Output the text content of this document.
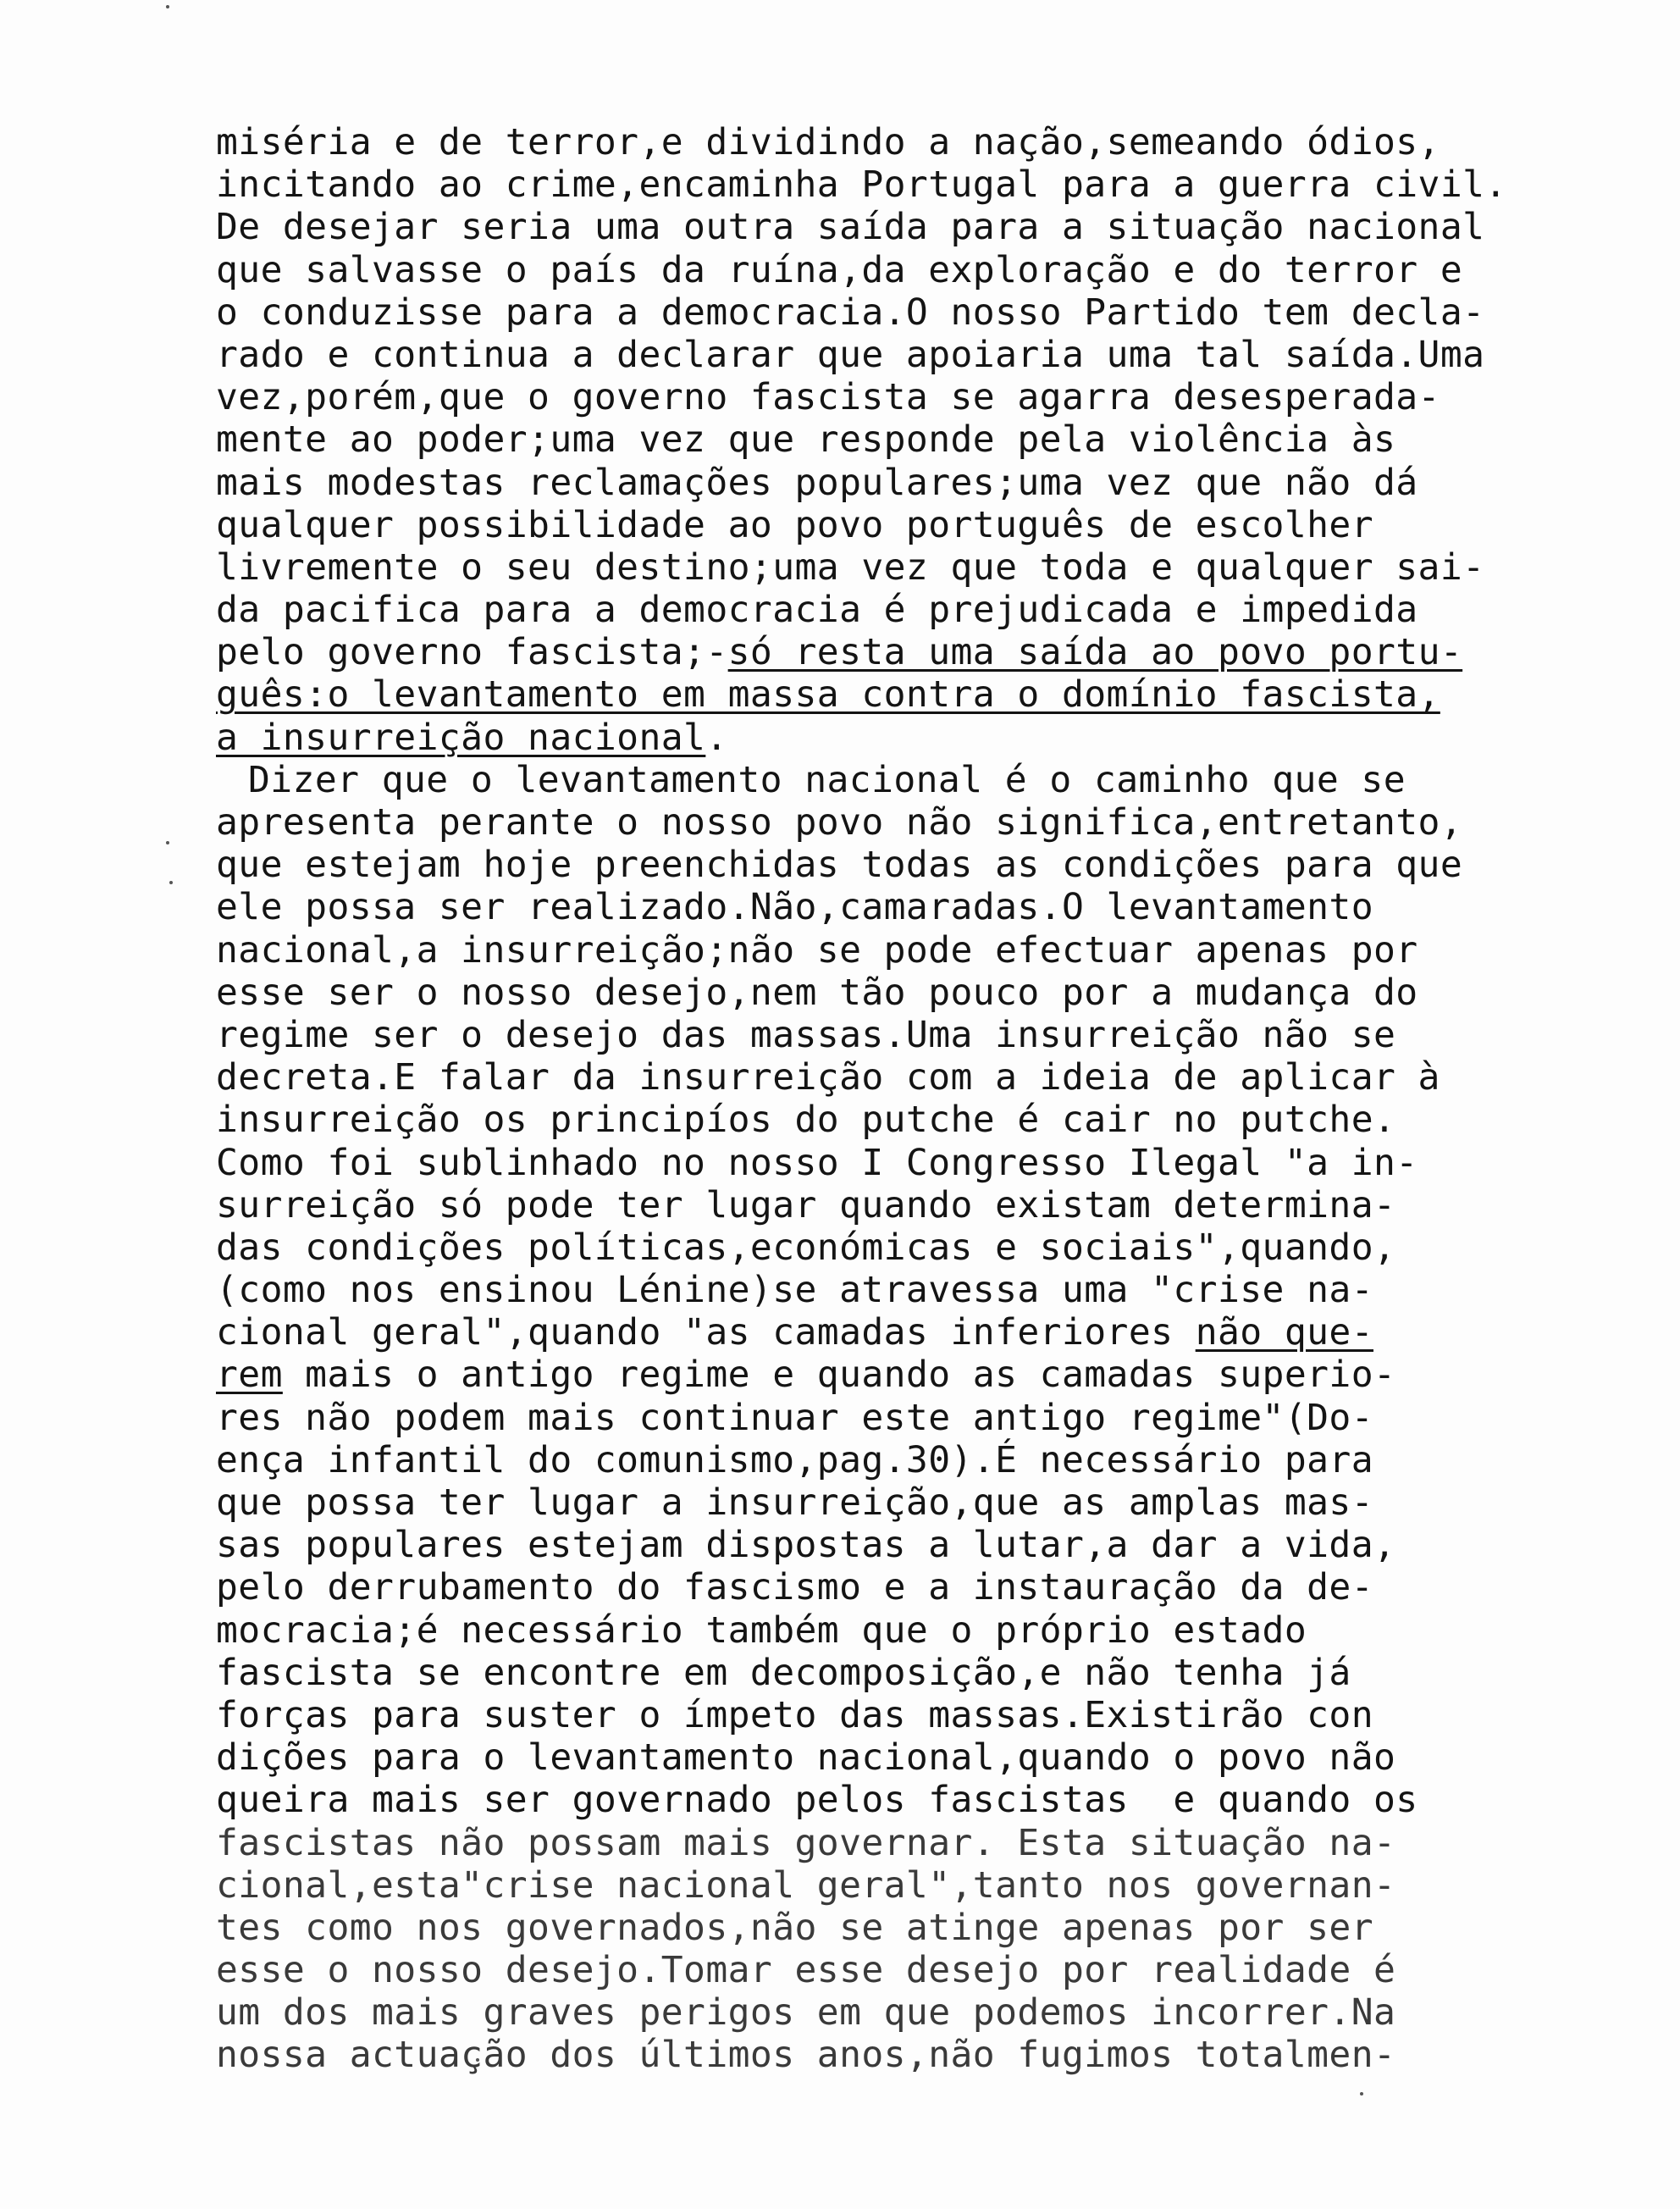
miséria e de terror,e dividindo a nação,semeando ódios,
incitando ao crime,encaminha Portugal para a guerra civil.
De desejar seria uma outra saída para a situação nacional
que salvasse o país da ruína,da exploração e do terror e
o conduzisse para a democracia.O nosso Partido tem decla-
rado e continua a declarar que apoiaria uma tal saída.Uma
vez,porém,que o governo fascista se agarra desesperada-
mente ao poder;uma vez que responde pela violência às
mais modestas reclamações populares;uma vez que não dá
qualquer possibilidade ao povo português de escolher
livremente o seu destino;uma vez que toda e qualquer sai-
da pacifica para a democracia é prejudicada e impedida
pelo governo fascista;-só resta uma saída ao povo portu-
guês:o levantamento em massa contra o domínio fascista,
a insurreição nacional.
Dizer que o levantamento nacional é o caminho que se
apresenta perante o nosso povo não significa,entretanto,
que estejam hoje preenchidas todas as condições para que
ele possa ser realizado.Não,camaradas.O levantamento
nacional,a insurreição;não se pode efectuar apenas por
esse ser o nosso desejo,nem tão pouco por a mudança do
regime ser o desejo das massas.Uma insurreição não se
decreta.E falar da insurreição com a ideia de aplicar à
insurreição os principíos do putche é cair no putche.
Como foi sublinhado no nosso I Congresso Ilegal "a in-
surreição só pode ter lugar quando existam determina-
das condições políticas,económicas e sociais",quando,
(como nos ensinou Lénine)se atravessa uma "crise na-
cional geral",quando "as camadas inferiores não que-
rem mais o antigo regime e quando as camadas superio-
res não podem mais continuar este antigo regime"(Do-
ença infantil do comunismo,pag.30).É necessário para
que possa ter lugar a insurreição,que as amplas mas-
sas populares estejam dispostas a lutar,a dar a vida,
pelo derrubamento do fascismo e a instauração da de-
mocracia;é necessário também que o próprio estado
fascista se encontre em decomposição,e não tenha já
forças para suster o ímpeto das massas.Existirão con
dições para o levantamento nacional,quando o povo não
queira mais ser governado pelos fascistas  e quando os
fascistas não possam mais governar. Esta situação na-
cional,esta"crise nacional geral",tanto nos governan-
tes como nos governados,não se atinge apenas por ser
esse o nosso desejo.Tomar esse desejo por realidade é
um dos mais graves perigos em que podemos incorrer.Na
nossa actuação dos últimos anos,não fugimos totalmen-
